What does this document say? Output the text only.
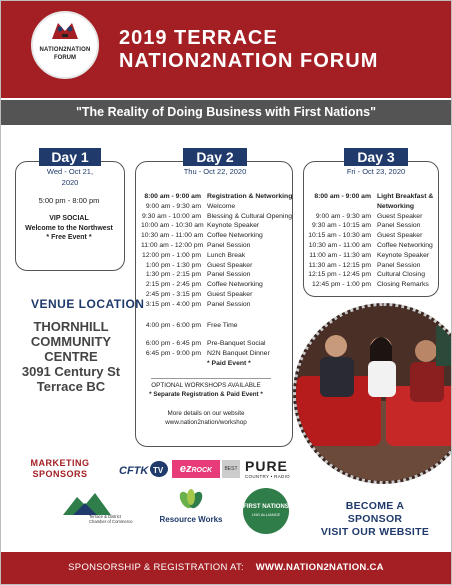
NATION2NATION
FORUM
2019 TERRACE
NATION2NATION FORUM
"The Reality of Doing Business with First Nations"
Day 1
Wed - Oct 21, 2020
5:00 pm - 8:00 pm
VIP SOCIAL
Welcome to the Northwest
* Free Event *
Day 2
Thu - Oct 22, 2020
8:00 am - 9:00 am Registration & Networking
9:00 am - 9:30 am Welcome
9:30 am - 10:00 am Blessing & Cultural Opening
10:00 am - 10:30 am Keynote Speaker
10:30 am - 11:00 am Coffee Networking
11:00 am - 12:00 pm Panel Session
12:00 pm - 1:00 pm Lunch Break
1:00 pm - 1:30 pm Guest Speaker
1:30 pm - 2:15 pm Panel Session
2:15 pm - 2:45 pm Coffee Networking
2:45 pm - 3:15 pm Guest Speaker
3:15 pm - 4:00 pm Panel Session
4:00 pm - 6:00 pm Free Time
6:00 pm - 6:45 pm Pre-Banquet Social
6:45 pm - 9:00 pm N2N Banquet Dinner
* Paid Event *
OPTIONAL WORKSHOPS AVAILABLE
* Separate Registration & Paid Event *
More details on our website
www.nation2nation/workshop
Day 3
Fri - Oct 23, 2020
8:00 am - 9:00 am Light Breakfast &
Networking
9:00 am - 9:30 am Guest Speaker
9:30 am - 10:15 am Panel Session
10:15 am - 10:30 am Guest Speaker
10:30 am - 11:00 am Coffee Networking
11:00 am - 11:30 am Keynote Speaker
11:30 am - 12:15 pm Panel Session
12:15 pm - 12:45 pm Cultural Closing
12:45 pm - 1:00 pm Closing Remarks
VENUE LOCATION
THORNHILL
COMMUNITY
CENTRE
3091 Century St
Terrace BC
MARKETING
SPONSORS	CFTK TV	ezROCK	BEST PURE
COUNTRY • RADIO
Terrace & District
Chamber of Commerce	Resource Works
FIRST NATIONS
LNG ALLIANCE
BECOME A SPONSOR
VISIT OUR WEBSITE
SPONSORSHIP & REGISTRATION AT: WWW.NATION2NATION.CA
